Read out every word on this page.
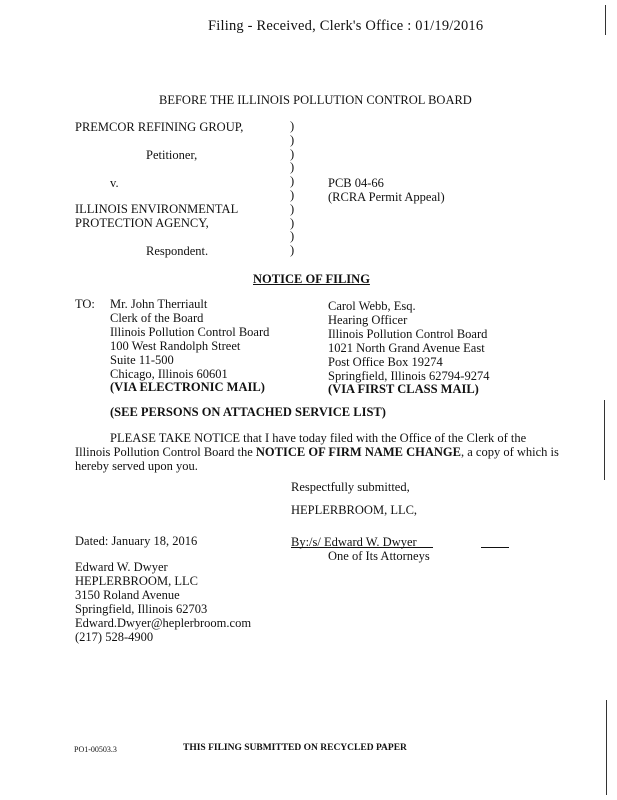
Filing - Received, Clerk's Office : 01/19/2016
BEFORE THE ILLINOIS POLLUTION CONTROL BOARD
PREMCOR REFINING GROUP,
Petitioner,
v.
ILLINOIS ENVIRONMENTAL
PROTECTION AGENCY,
Respondent.
)
)
)
)
)
)
)
)
)
)
PCB 04-66
(RCRA Permit Appeal)
NOTICE OF FILING
TO: Mr. John Therriault
Clerk of the Board
Illinois Pollution Control Board
100 West Randolph Street
Suite 11-500
Chicago, Illinois 60601
(VIA ELECTRONIC MAIL)
Carol Webb, Esq.
Hearing Officer
Illinois Pollution Control Board
1021 North Grand Avenue East
Post Office Box 19274
Springfield, Illinois 62794-9274
(VIA FIRST CLASS MAIL)
(SEE PERSONS ON ATTACHED SERVICE LIST)
PLEASE TAKE NOTICE that I have today filed with the Office of the Clerk of the
Illinois Pollution Control Board the NOTICE OF FIRM NAME CHANGE, a copy of which is
hereby served upon you.
Respectfully submitted,
HEPLERBROOM, LLC,
Dated: January 18, 2016	By:/s/ Edward W. Dwyer
One of Its Attorneys
Edward W. Dwyer
HEPLERBROOM, LLC
3150 Roland Avenue
Springfield, Illinois 62703
Edward.Dwyer@heplerbroom.com
(217) 528-4900
PO1-00503.3	THIS FILING SUBMITTED ON RECYCLED PAPER
